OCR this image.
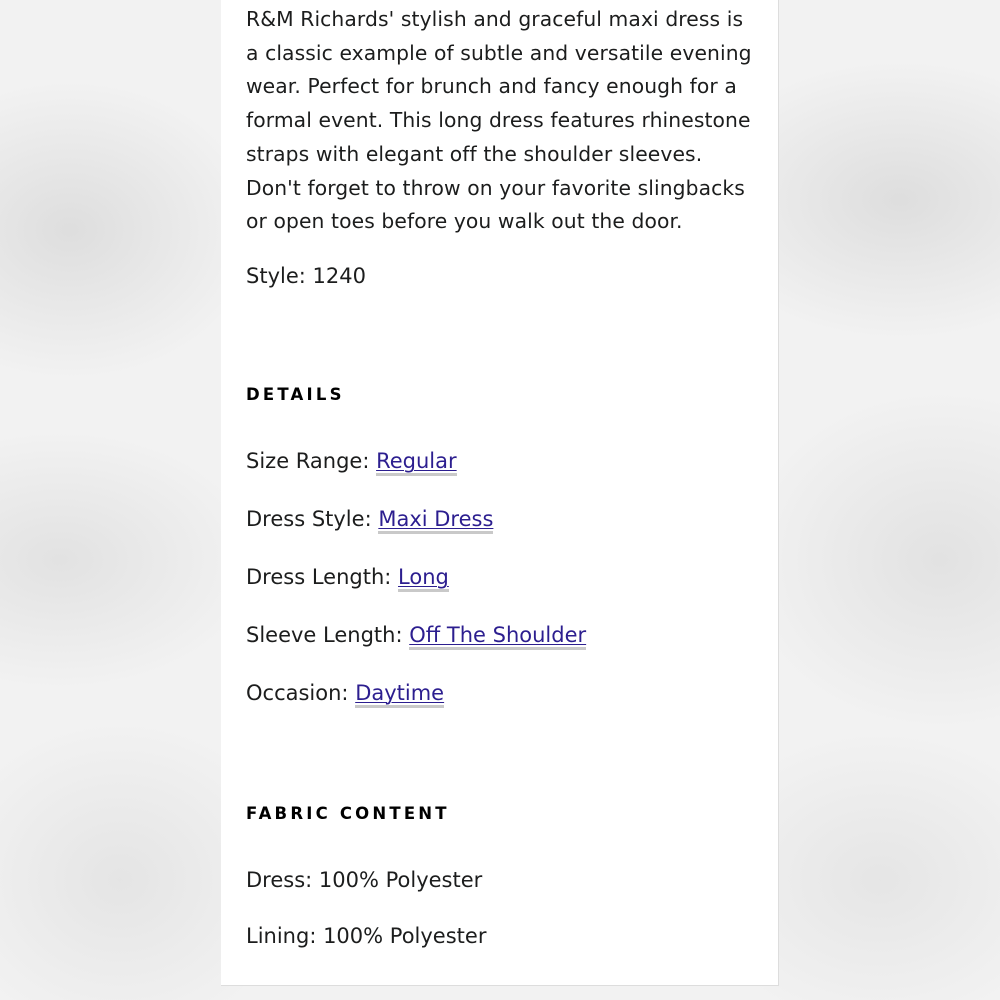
R&M Richards' stylish and graceful maxi dress is a classic example of subtle and versatile evening wear. Perfect for brunch and fancy enough for a formal event. This long dress features rhinestone straps with elegant off the shoulder sleeves. Don't forget to throw on your favorite slingbacks or open toes before you walk out the door.

Style: 1240

DETAILS

Size Range: Regular

Dress Style: Maxi Dress

Dress Length: Long

Sleeve Length: Off The Shoulder

Occasion: Daytime

FABRIC CONTENT

Dress: 100% Polyester

Lining: 100% Polyester
